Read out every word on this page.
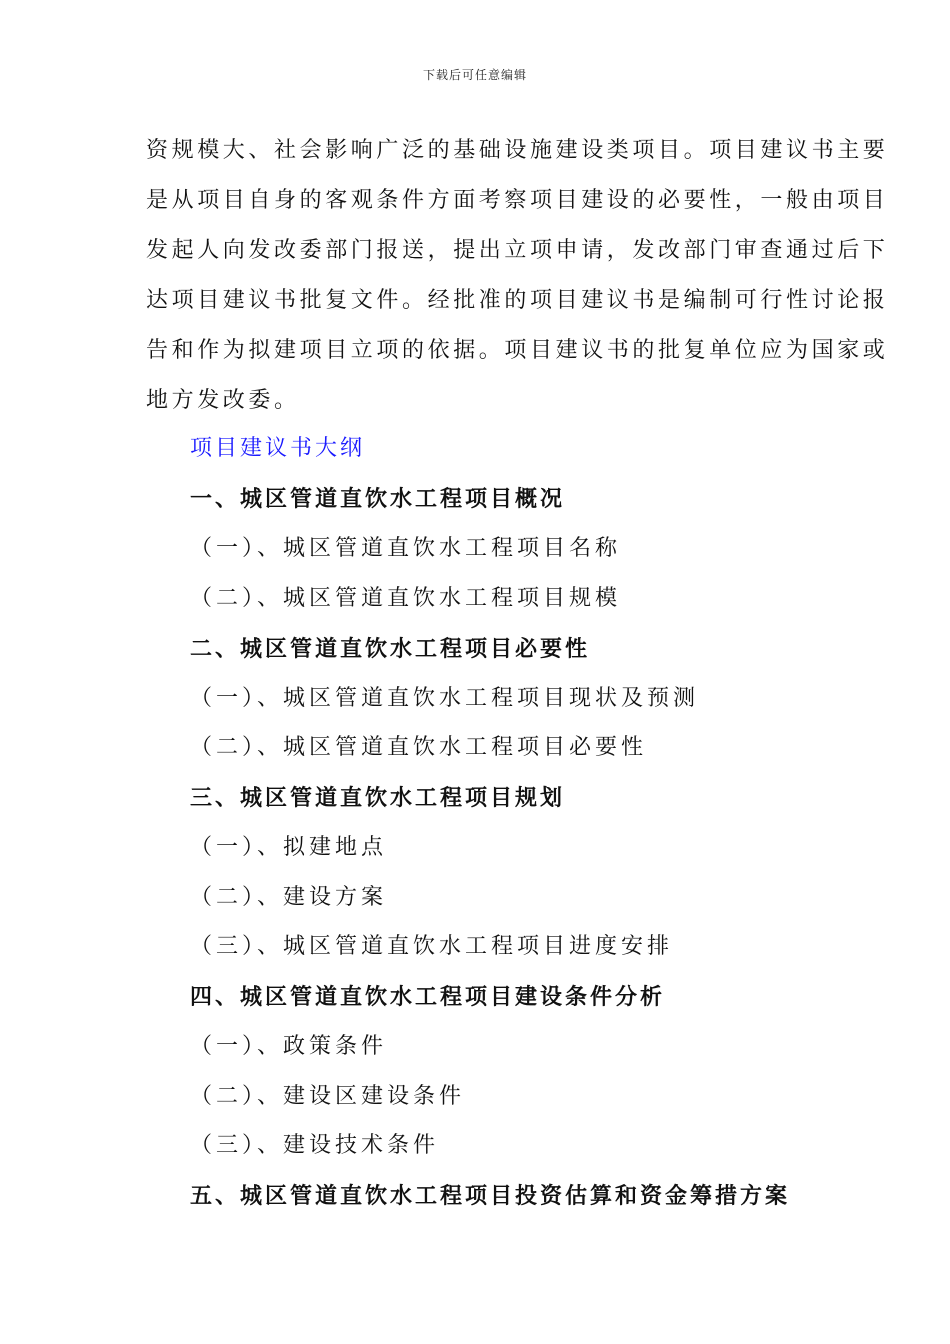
下载后可任意编辑
资规模大、社会影响广泛的基础设施建设类项目。项目建议书主要
是从项目自身的客观条件方面考察项目建设的必要性，一般由项目
发起人向发改委部门报送，提出立项申请，发改部门审查通过后下
达项目建议书批复文件。经批准的项目建议书是编制可行性讨论报
告和作为拟建项目立项的依据。项目建议书的批复单位应为国家或
地方发改委。
项目建议书大纲
一、城区管道直饮水工程项目概况
（一）、城区管道直饮水工程项目名称
（二）、城区管道直饮水工程项目规模
二、城区管道直饮水工程项目必要性
（一）、城区管道直饮水工程项目现状及预测
（二）、城区管道直饮水工程项目必要性
三、城区管道直饮水工程项目规划
（一）、拟建地点
（二）、建设方案
（三）、城区管道直饮水工程项目进度安排
四、城区管道直饮水工程项目建设条件分析
（一）、政策条件
（二）、建设区建设条件
（三）、建设技术条件
五、城区管道直饮水工程项目投资估算和资金筹措方案
